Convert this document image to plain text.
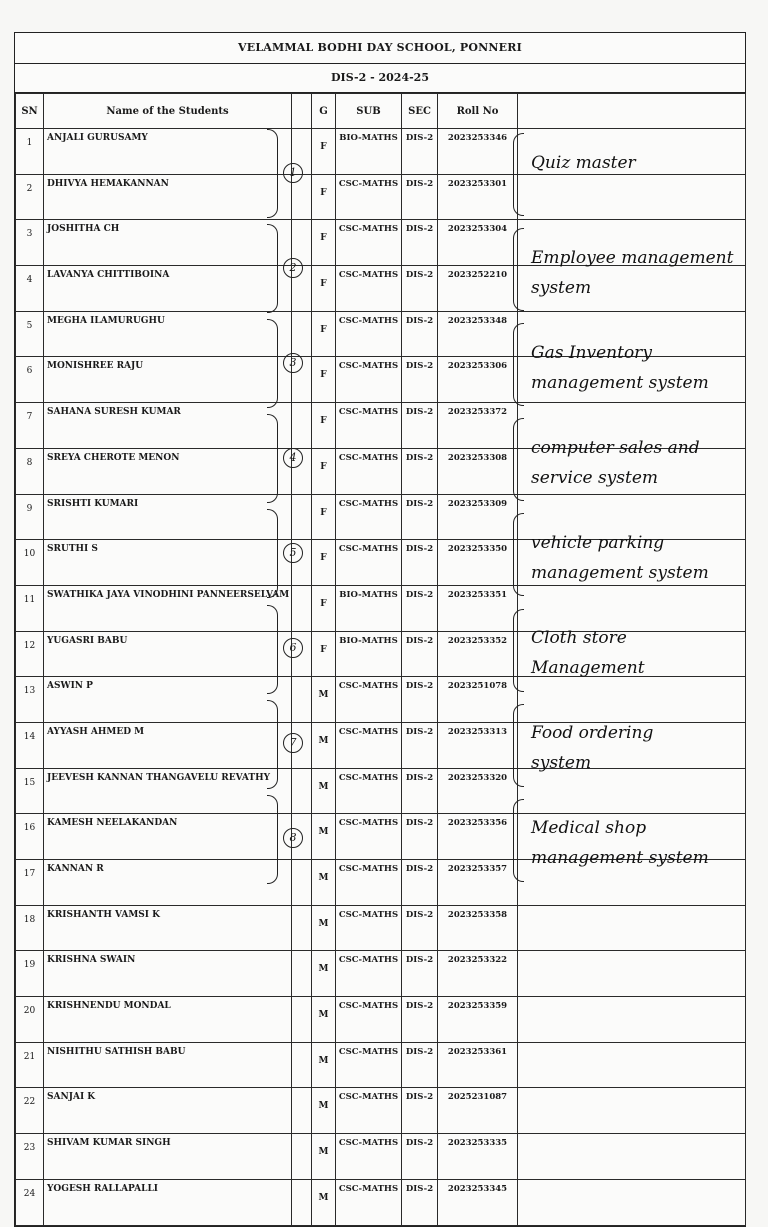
VELAMMAL BODHI DAY SCHOOL, PONNERI
DIS-2 - 2024-25
SN	Name of the Students		G	SUB	SEC	Roll No	
1	ANJALI GURUSAMY		F	BIO-MATHS	DIS-2	2023253346	
2	DHIVYA HEMAKANNAN		F	CSC-MATHS	DIS-2	2023253301	
3	JOSHITHA CH		F	CSC-MATHS	DIS-2	2023253304	
4	LAVANYA CHITTIBOINA		F	CSC-MATHS	DIS-2	2023252210	
5	MEGHA ILAMURUGHU		F	CSC-MATHS	DIS-2	2023253348	
6	MONISHREE RAJU		F	CSC-MATHS	DIS-2	2023253306	
7	SAHANA SURESH KUMAR		F	CSC-MATHS	DIS-2	2023253372	
8	SREYA CHEROTE MENON		F	CSC-MATHS	DIS-2	2023253308	
9	SRISHTI KUMARI		F	CSC-MATHS	DIS-2	2023253309	
10	SRUTHI S		F	CSC-MATHS	DIS-2	2023253350	
11	SWATHIKA JAYA VINODHINI PANNEERSELVAM		F	BIO-MATHS	DIS-2	2023253351	
12	YUGASRI BABU		F	BIO-MATHS	DIS-2	2023253352	
13	ASWIN P		M	CSC-MATHS	DIS-2	2023251078	
14	AYYASH AHMED M		M	CSC-MATHS	DIS-2	2023253313	
15	JEEVESH KANNAN THANGAVELU REVATHY		M	CSC-MATHS	DIS-2	2023253320	
16	KAMESH NEELAKANDAN		M	CSC-MATHS	DIS-2	2023253356	
17	KANNAN R		M	CSC-MATHS	DIS-2	2023253357	
18	KRISHANTH VAMSI K		M	CSC-MATHS	DIS-2	2023253358	
19	KRISHNA SWAIN		M	CSC-MATHS	DIS-2	2023253322	
20	KRISHNENDU MONDAL		M	CSC-MATHS	DIS-2	2023253359	
21	NISHITHU SATHISH BABU		M	CSC-MATHS	DIS-2	2023253361	
22	SANJAI K		M	CSC-MATHS	DIS-2	2025231087	
23	SHIVAM KUMAR SINGH		M	CSC-MATHS	DIS-2	2023253335	
24	YOGESH RALLAPALLI		M	CSC-MATHS	DIS-2	2023253345	
1	Quiz master
2	Employee management
system
3	Gas Inventory
management system
4	computer sales and
service system
5	vehicle parking
management system
6	Cloth store
Management
7	Food ordering
system
8	Medical shop
management system
